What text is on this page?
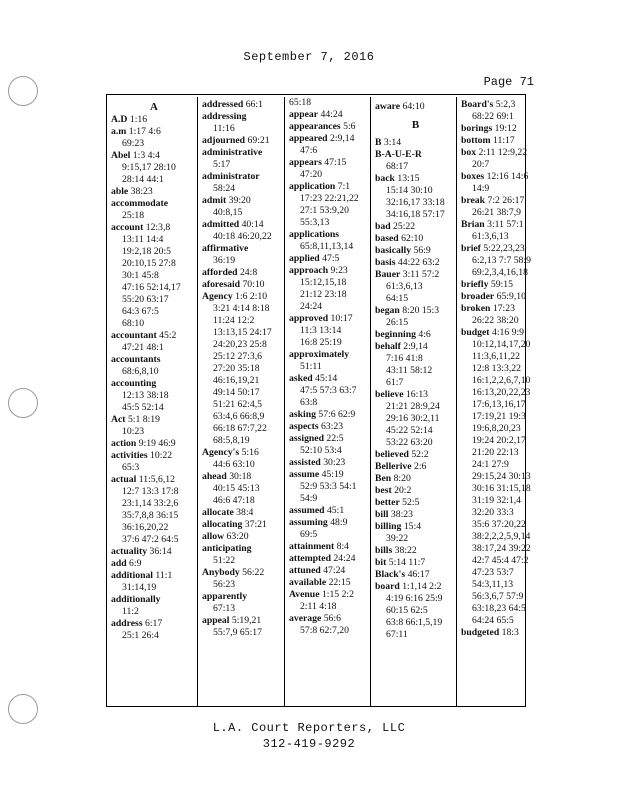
September 7, 2016
Page 71
A
A.D 1:16
a.m 1:17 4:6
69:23
Abel 1:3 4:4
9:15,17 28:10
28:14 44:1
able 38:23
accommodate
25:18
account 12:3,8
13:11 14:4
19:2,18 20:5
20:10,15 27:8
30:1 45:8
47:16 52:14,17
55:20 63:17
64:3 67:5
68:10
accountant 45:2
47:21 48:1
accountants
68:6,8,10
accounting
12:13 38:18
45:5 52:14
Act 5:1 8:19
10:23
action 9:19 46:9
activities 10:22
65:3
actual 11:5,6,12
12:7 13:3 17:8
23:1,14 33:2,6
35:7,8,8 36:15
36:16,20,22
37:6 47:2 64:5
actuality 36:14
add 6:9
additional 11:1
31:14,19
additionally
11:2
address 6:17
25:1 26:4
addressed 66:1
addressing
11:16
adjourned 69:21
administrative
5:17
administrator
58:24
admit 39:20
40:8,15
admitted 40:14
40:18 46:20,22
affirmative
36:19
afforded 24:8
aforesaid 70:10
Agency 1:6 2:10
3:21 4:14 8:18
11:24 12:2
13:13,15 24:17
24:20,23 25:8
25:12 27:3,6
27:20 35:18
46:16,19,21
49:14 50:17
51:21 62:4,5
63:4,6 66:8,9
66:18 67:7,22
68:5,8,19
Agency's 5:16
44:6 63:10
ahead 30:18
40:15 45:13
46:6 47:18
allocate 38:4
allocating 37:21
allow 63:20
anticipating
51:22
Anybody 56:22
56:23
apparently
67:13
appeal 5:19,21
55:7,9 65:17
65:18
appear 44:24
appearances 5:6
appeared 2:9,14
47:6
appears 47:15
47:20
application 7:1
17:23 22:21,22
27:1 53:9,20
55:3,13
applications
65:8,11,13,14
applied 47:5
approach 9:23
15:12,15,18
21:12 23:18
24:24
approved 10:17
11:3 13:14
16:8 25:19
approximately
51:11
asked 45:14
47:5 57:3 63:7
63:8
asking 57:6 62:9
aspects 63:23
assigned 22:5
52:10 53:4
assisted 30:23
assume 45:19
52:9 53:3 54:1
54:9
assumed 45:1
assuming 48:9
69:5
attainment 8:4
attempted 24:24
attuned 47:24
available 22:15
Avenue 1:15 2:2
2:11 4:18
average 56:6
57:8 62:7,20
aware 64:10
B
B 3:14
B-A-U-E-R
68:17
back 13:15
15:14 30:10
32:16,17 33:18
34:16,18 57:17
bad 25:22
based 62:10
basically 56:9
basis 44:22 63:2
Bauer 3:11 57:2
61:3,6,13
64:15
began 8:20 15:3
26:15
beginning 4:6
behalf 2:9,14
7:16 41:8
43:11 58:12
61:7
believe 16:13
21:21 28:9,24
29:16 30:2,11
45:22 52:14
53:22 63:20
believed 52:2
Bellerive 2:6
Ben 8:20
best 20:2
better 52:5
bill 38:23
billing 15:4
39:22
bills 38:22
bit 5:14 11:7
Black's 46:17
board 1:1,14 2:2
4:19 6:16 25:9
60:15 62:5
63:8 66:1,5,19
67:11
Board's 5:2,3
68:22 69:1
borings 19:12
bottom 11:17
box 2:11 12:9,22
20:7
boxes 12:16 14:6
14:9
break 7:2 26:17
26:21 38:7,9
Brian 3:11 57:1
61:3,6,13
brief 5:22,23,23
6:2,13 7:7 58:9
69:2,3,4,16,18
briefly 59:15
broader 65:9,10
broken 17:23
26:22 38:20
budget 4:16 9:9
10:12,14,17,20
11:3,6,11,22
12:8 13:3,22
16:1,2,2,6,7,10
16:13,20,22,23
17:6,13,16,17
17:19,21 19:3
19:6,8,20,23
19:24 20:2,17
21:20 22:13
24:1 27:9
29:15,24 30:13
30:16 31:15,18
31:19 32:1,4
32:20 33:3
35:6 37:20,22
38:2,2,2,5,9,14
38:17,24 39:22
42:7 45:4 47:2
47:23 53:7
54:3,11,13
56:3,6,7 57:9
63:18,23 64:5
64:24 65:5
budgeted 18:3
L.A. Court Reporters, LLC
312-419-9292
